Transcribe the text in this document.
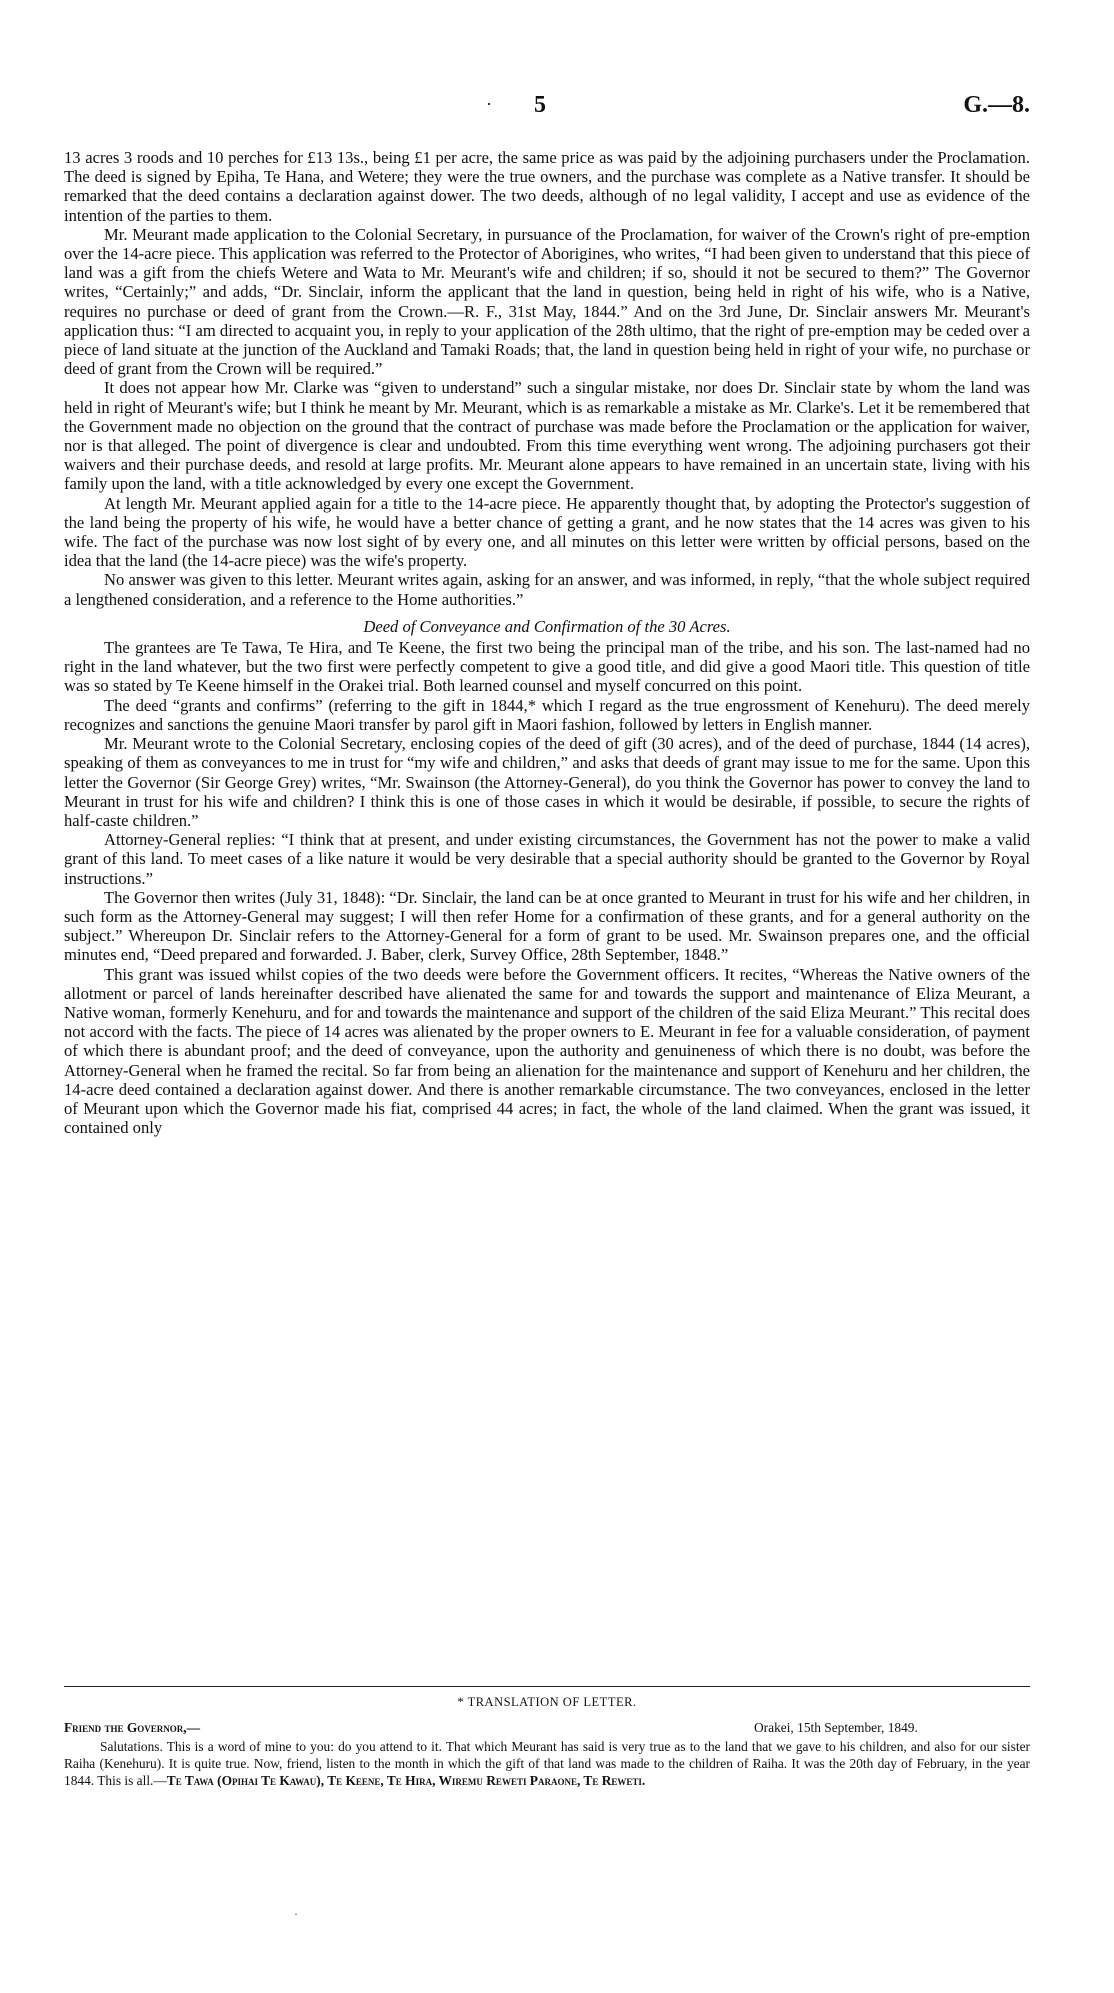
· 5	G.—8.

13 acres 3 roods and 10 perches for £13 13s., being £1 per acre, the same price as was paid by the adjoining purchasers under the Proclamation. The deed is signed by Epiha, Te Hana, and Wetere; they were the true owners, and the purchase was complete as a Native transfer. It should be remarked that the deed contains a declaration against dower. The two deeds, although of no legal validity, I accept and use as evidence of the intention of the parties to them.

Mr. Meurant made application to the Colonial Secretary, in pursuance of the Proclamation, for waiver of the Crown's right of pre-emption over the 14-acre piece. This application was referred to the Protector of Aborigines, who writes, “I had been given to understand that this piece of land was a gift from the chiefs Wetere and Wata to Mr. Meurant's wife and children; if so, should it not be secured to them?” The Governor writes, “Certainly;” and adds, “Dr. Sinclair, inform the applicant that the land in question, being held in right of his wife, who is a Native, requires no purchase or deed of grant from the Crown.—R. F., 31st May, 1844.” And on the 3rd June, Dr. Sinclair answers Mr. Meurant's application thus: “I am directed to acquaint you, in reply to your application of the 28th ultimo, that the right of pre-emption may be ceded over a piece of land situate at the junction of the Auckland and Tamaki Roads; that, the land in question being held in right of your wife, no purchase or deed of grant from the Crown will be required.”

It does not appear how Mr. Clarke was “given to understand” such a singular mistake, nor does Dr. Sinclair state by whom the land was held in right of Meurant's wife; but I think he meant by Mr. Meurant, which is as remarkable a mistake as Mr. Clarke's. Let it be remembered that the Government made no objection on the ground that the contract of purchase was made before the Proclamation or the application for waiver, nor is that alleged. The point of divergence is clear and undoubted. From this time everything went wrong. The adjoining purchasers got their waivers and their purchase deeds, and resold at large profits. Mr. Meurant alone appears to have remained in an uncertain state, living with his family upon the land, with a title acknowledged by every one except the Government.

At length Mr. Meurant applied again for a title to the 14-acre piece. He apparently thought that, by adopting the Protector's suggestion of the land being the property of his wife, he would have a better chance of getting a grant, and he now states that the 14 acres was given to his wife. The fact of the purchase was now lost sight of by every one, and all minutes on this letter were written by official persons, based on the idea that the land (the 14-acre piece) was the wife's property.

No answer was given to this letter. Meurant writes again, asking for an answer, and was informed, in reply, “that the whole subject required a lengthened consideration, and a reference to the Home authorities.”

Deed of Conveyance and Confirmation of the 30 Acres.

The grantees are Te Tawa, Te Hira, and Te Keene, the first two being the principal man of the tribe, and his son. The last-named had no right in the land whatever, but the two first were perfectly competent to give a good title, and did give a good Maori title. This question of title was so stated by Te Keene himself in the Orakei trial. Both learned counsel and myself concurred on this point.

The deed “grants and confirms” (referring to the gift in 1844,* which I regard as the true engrossment of Kenehuru). The deed merely recognizes and sanctions the genuine Maori transfer by parol gift in Maori fashion, followed by letters in English manner.

Mr. Meurant wrote to the Colonial Secretary, enclosing copies of the deed of gift (30 acres), and of the deed of purchase, 1844 (14 acres), speaking of them as conveyances to me in trust for “my wife and children,” and asks that deeds of grant may issue to me for the same. Upon this letter the Governor (Sir George Grey) writes, “Mr. Swainson (the Attorney-General), do you think the Governor has power to convey the land to Meurant in trust for his wife and children? I think this is one of those cases in which it would be desirable, if possible, to secure the rights of half-caste children.”

Attorney-General replies: “I think that at present, and under existing circumstances, the Government has not the power to make a valid grant of this land. To meet cases of a like nature it would be very desirable that a special authority should be granted to the Governor by Royal instructions.”

The Governor then writes (July 31, 1848): “Dr. Sinclair, the land can be at once granted to Meurant in trust for his wife and her children, in such form as the Attorney-General may suggest; I will then refer Home for a confirmation of these grants, and for a general authority on the subject.” Whereupon Dr. Sinclair refers to the Attorney-General for a form of grant to be used. Mr. Swainson prepares one, and the official minutes end, “Deed prepared and forwarded. J. Baber, clerk, Survey Office, 28th September, 1848.”

This grant was issued whilst copies of the two deeds were before the Government officers. It recites, “Whereas the Native owners of the allotment or parcel of lands hereinafter described have alienated the same for and towards the support and maintenance of Eliza Meurant, a Native woman, formerly Kenehuru, and for and towards the maintenance and support of the children of the said Eliza Meurant.” This recital does not accord with the facts. The piece of 14 acres was alienated by the proper owners to E. Meurant in fee for a valuable consideration, of payment of which there is abundant proof; and the deed of conveyance, upon the authority and genuineness of which there is no doubt, was before the Attorney-General when he framed the recital. So far from being an alienation for the maintenance and support of Kenehuru and her children, the 14-acre deed contained a declaration against dower. And there is another remarkable circumstance. The two conveyances, enclosed in the letter of Meurant upon which the Governor made his fiat, comprised 44 acres; in fact, the whole of the land claimed. When the grant was issued, it contained only

* TRANSLATION OF LETTER.
Friend the Governor,—	Orakei, 15th September, 1849.
Salutations. This is a word of mine to you: do you attend to it. That which Meurant has said is very true as to the land that we gave to his children, and also for our sister Raiha (Kenehuru). It is quite true. Now, friend, listen to the month in which the gift of that land was made to the children of Raiha. It was the 20th day of February, in the year 1844. This is all.—Te Tawa (Opihai Te Kawau), Te Keene, Te Hira, Wiremu Reweti Paraone, Te Reweti.
·
